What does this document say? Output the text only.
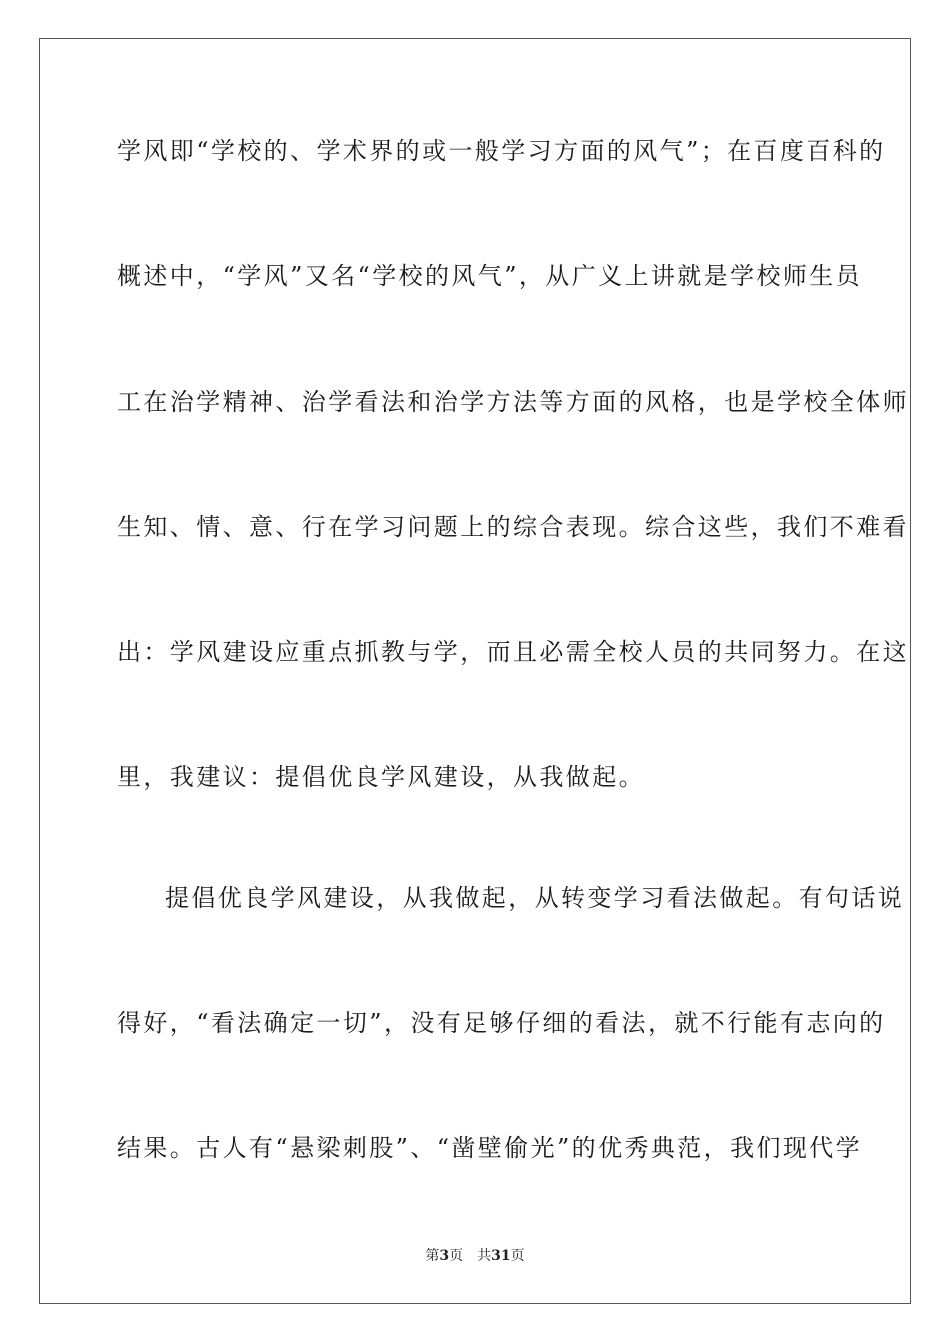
学风即“学校的、学术界的或一般学习方面的风气”；在百度百科的
概述中，“学风”又名“学校的风气”，从广义上讲就是学校师生员
工在治学精神、治学看法和治学方法等方面的风格，也是学校全体师
生知、情、意、行在学习问题上的综合表现。综合这些，我们不难看
出：学风建设应重点抓教与学，而且必需全校人员的共同努力。在这
里，我建议：提倡优良学风建设，从我做起。
提倡优良学风建设，从我做起，从转变学习看法做起。有句话说
得好，“看法确定一切”，没有足够仔细的看法，就不行能有志向的
结果。古人有“悬梁刺股”、“凿壁偷光”的优秀典范，我们现代学
第3页 共31页
